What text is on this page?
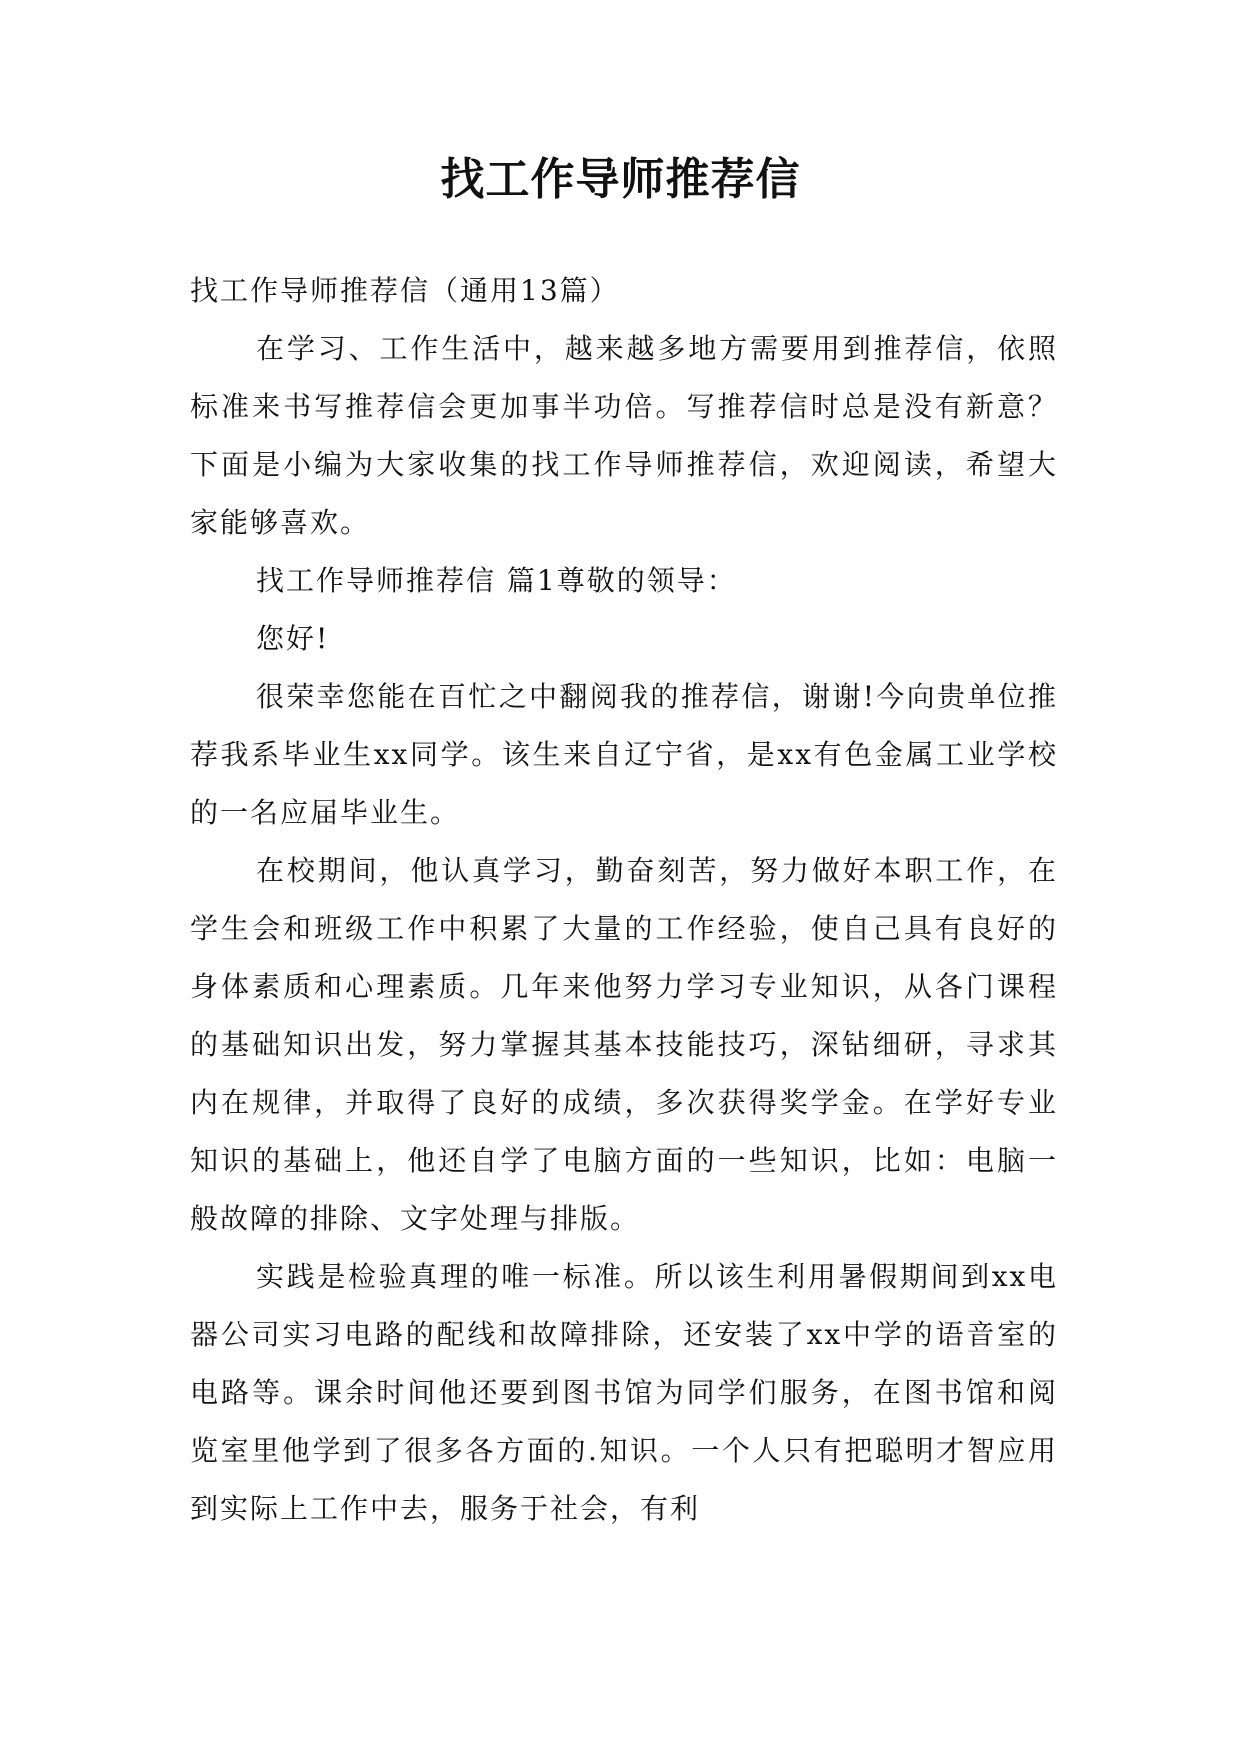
找工作导师推荐信

找工作导师推荐信（通用13篇）

在学习、工作生活中，越来越多地方需要用到推荐信，依照标准来书写推荐信会更加事半功倍。写推荐信时总是没有新意？下面是小编为大家收集的找工作导师推荐信，欢迎阅读，希望大家能够喜欢。

找工作导师推荐信 篇1尊敬的领导：

您好!

很荣幸您能在百忙之中翻阅我的推荐信，谢谢!今向贵单位推荐我系毕业生xx同学。该生来自辽宁省，是xx有色金属工业学校的一名应届毕业生。

在校期间，他认真学习，勤奋刻苦，努力做好本职工作，在学生会和班级工作中积累了大量的工作经验，使自己具有良好的身体素质和心理素质。几年来他努力学习专业知识，从各门课程的基础知识出发，努力掌握其基本技能技巧，深钻细研，寻求其内在规律，并取得了良好的成绩，多次获得奖学金。在学好专业知识的基础上，他还自学了电脑方面的一些知识，比如：电脑一般故障的排除、文字处理与排版。

实践是检验真理的唯一标准。所以该生利用暑假期间到xx电器公司实习电路的配线和故障排除，还安装了xx中学的语音室的电路等。课余时间他还要到图书馆为同学们服务，在图书馆和阅览室里他学到了很多各方面的.知识。一个人只有把聪明才智应用到实际上工作中去，服务于社会，有利
